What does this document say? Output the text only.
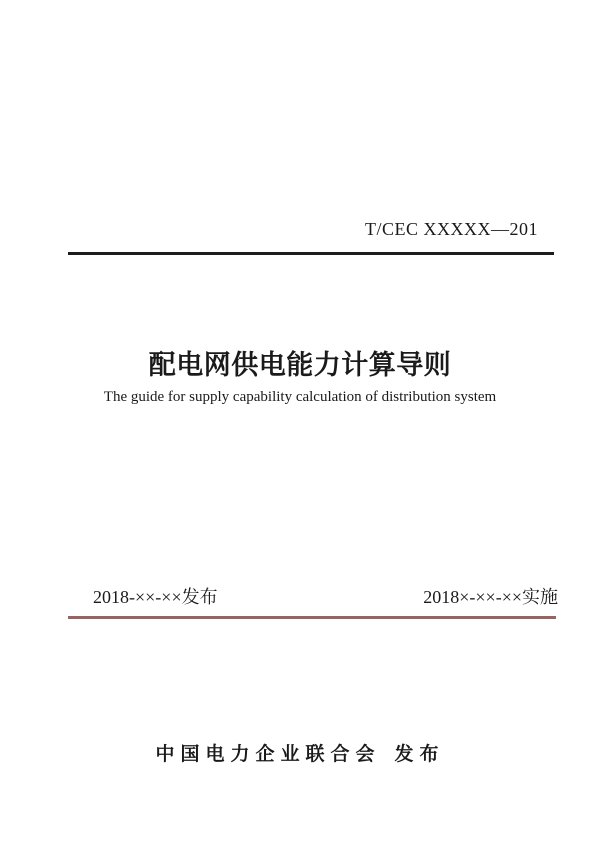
T/CEC XXXXX—201
配电网供电能力计算导则
The guide for supply capability calculation of distribution system
2018-××-××发布	2018×-××-××实施
中国电力企业联合会 发布
